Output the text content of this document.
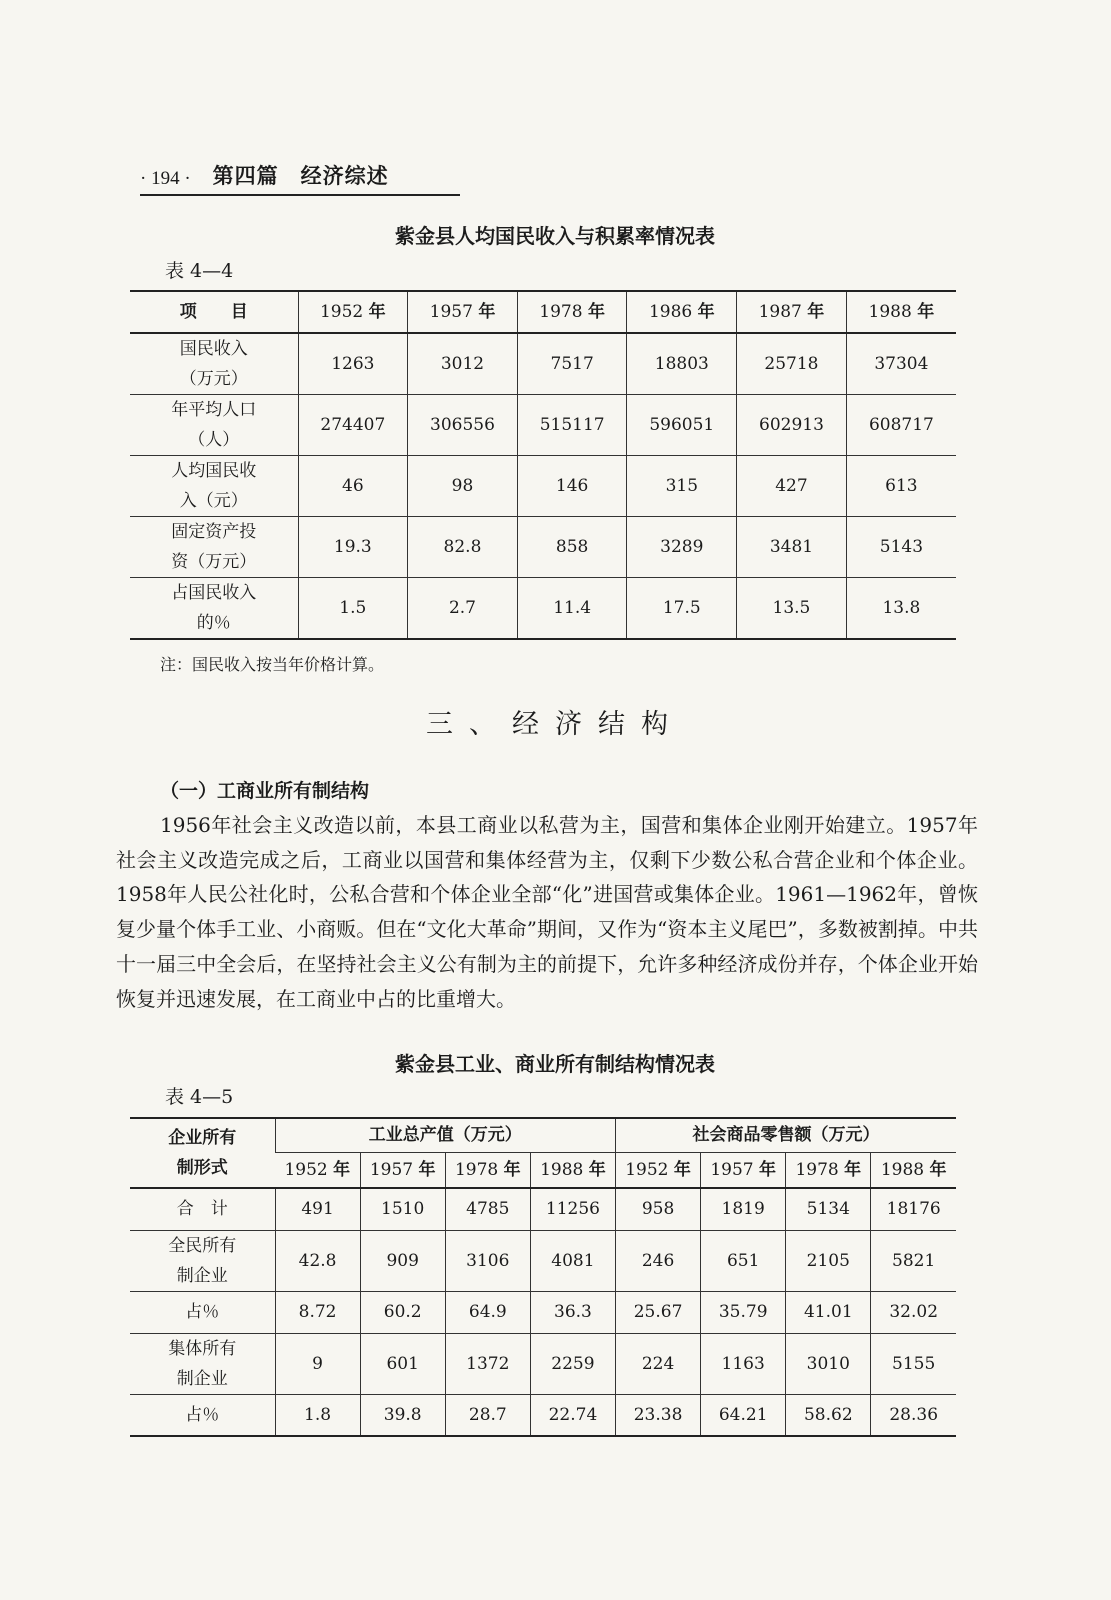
· 194 · 第四篇　经济综述
紫金县人均国民收入与积累率情况表
表 4—4
项　　目	1952 年	1957 年	1978 年	1986 年	1987 年	1988 年
国民收入
（万元）	1263	3012	7517	18803	25718	37304
年平均人口
（人）	274407	306556	515117	596051	602913	608717
人均国民收
入（元）	46	98	146	315	427	613
固定资产投
资（万元）	19.3	82.8	858	3289	3481	5143
占国民收入
的％	1.5	2.7	11.4	17.5	13.5	13.8
注：国民收入按当年价格计算。
三、经济结构
（一）工商业所有制结构
1956年社会主义改造以前，本县工商业以私营为主，国营和集体企业刚开始建立。1957年社会主义改造完成之后，工商业以国营和集体经营为主，仅剩下少数公私合营企业和个体企业。1958年人民公社化时，公私合营和个体企业全部“化”进国营或集体企业。1961—1962年，曾恢复少量个体手工业、小商贩。但在“文化大革命”期间，又作为“资本主义尾巴”，多数被割掉。中共十一届三中全会后，在坚持社会主义公有制为主的前提下，允许多种经济成份并存，个体企业开始恢复并迅速发展，在工商业中占的比重增大。
紫金县工业、商业所有制结构情况表
表 4—5
企业所有
制形式	工业总产值（万元）				社会商品零售额（万元）			
	1952 年	1957 年	1978 年	1988 年	1952 年	1957 年	1978 年	1988 年
合　计	491	1510	4785	11256	958	1819	5134	18176
全民所有
制企业	42.8	909	3106	4081	246	651	2105	5821
占％	8.72	60.2	64.9	36.3	25.67	35.79	41.01	32.02
集体所有
制企业	9	601	1372	2259	224	1163	3010	5155
占％	1.8	39.8	28.7	22.74	23.38	64.21	58.62	28.36
